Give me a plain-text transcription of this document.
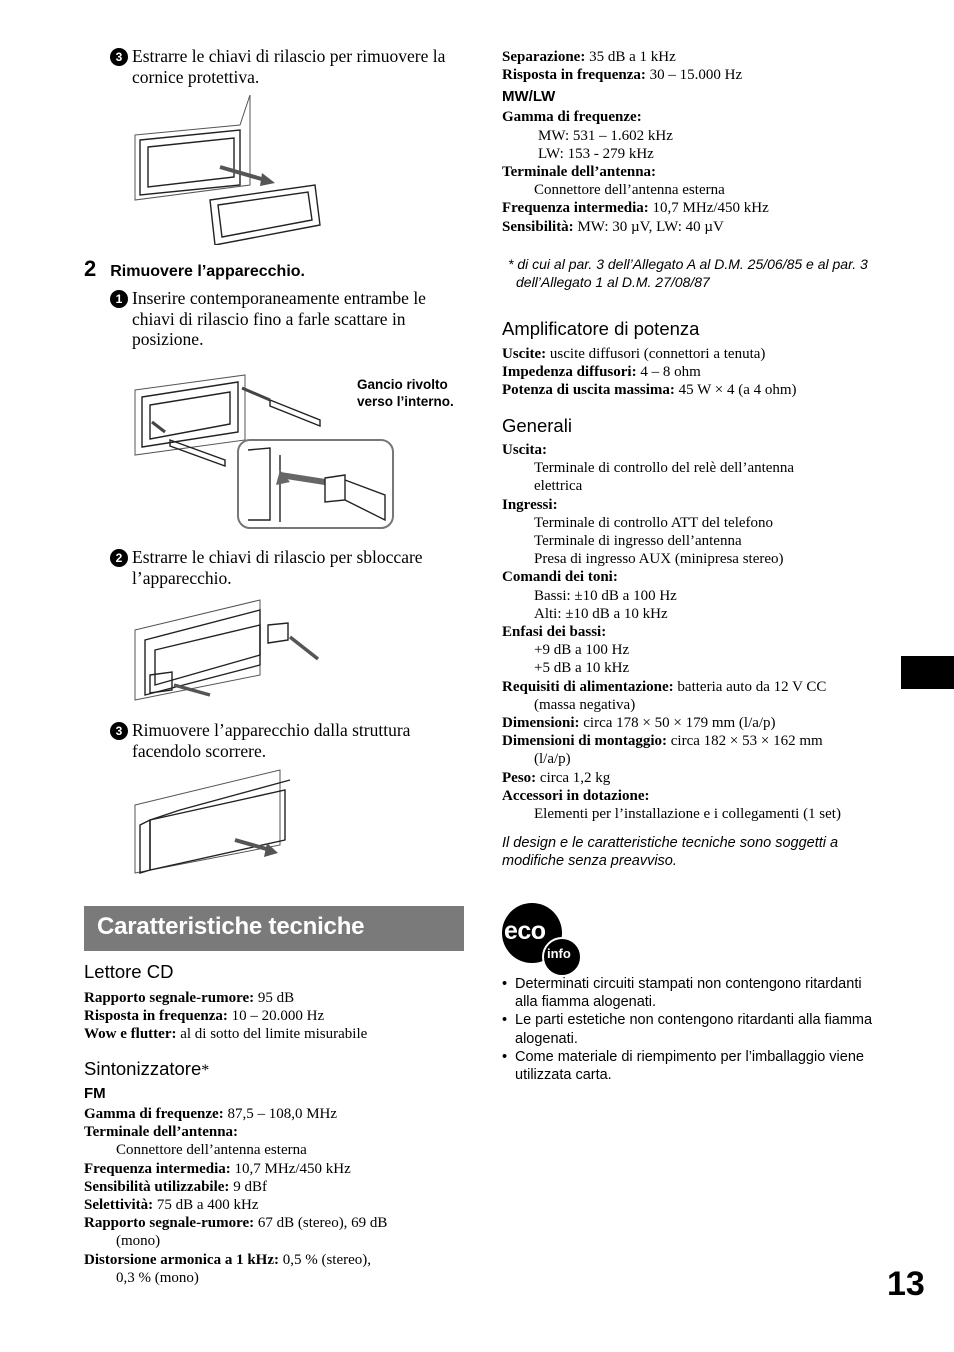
3 Estrarre le chiavi di rilascio per rimuovere la cornice protettiva.
2 Rimuovere l’apparecchio.
1 Inserire contemporaneamente entrambe le chiavi di rilascio fino a farle scattare in posizione.
Gancio rivolto verso l’interno.
2 Estrarre le chiavi di rilascio per sbloccare l’apparecchio.
3 Rimuovere l’apparecchio dalla struttura facendolo scorrere.
Caratteristiche tecniche
Lettore CD
Rapporto segnale-rumore: 95 dB
Risposta in frequenza: 10 – 20.000 Hz
Wow e flutter: al di sotto del limite misurabile
Sintonizzatore*
FM
Gamma di frequenze: 87,5 – 108,0 MHz
Terminale dell’antenna:
Connettore dell’antenna esterna
Frequenza intermedia: 10,7 MHz/450 kHz
Sensibilità utilizzabile: 9 dBf
Selettività: 75 dB a 400 kHz
Rapporto segnale-rumore: 67 dB (stereo), 69 dB
(mono)
Distorsione armonica a 1 kHz: 0,5 % (stereo),
0,3 % (mono)
Separazione: 35 dB a 1 kHz
Risposta in frequenza: 30 – 15.000 Hz
MW/LW
Gamma di frequenze:
MW: 531 – 1.602 kHz
LW: 153 - 279 kHz
Terminale dell’antenna:
Connettore dell’antenna esterna
Frequenza intermedia: 10,7 MHz/450 kHz
Sensibilità: MW: 30 µV, LW: 40 µV
* di cui al par. 3 dell’Allegato A al D.M. 25/06/85 e al par. 3 dell’Allegato 1 al D.M. 27/08/87
Amplificatore di potenza
Uscite: uscite diffusori (connettori a tenuta)
Impedenza diffusori: 4 – 8 ohm
Potenza di uscita massima: 45 W × 4 (a 4 ohm)
Generali
Uscita:
Terminale di controllo del relè dell’antenna
elettrica
Ingressi:
Terminale di controllo ATT del telefono
Terminale di ingresso dell’antenna
Presa di ingresso AUX (minipresa stereo)
Comandi dei toni:
Bassi: ±10 dB a 100 Hz
Alti: ±10 dB a 10 kHz
Enfasi dei bassi:
+9 dB a 100 Hz
+5 dB a 10 kHz
Requisiti di alimentazione: batteria auto da 12 V CC
(massa negativa)
Dimensioni: circa 178 × 50 × 179 mm (l/a/p)
Dimensioni di montaggio: circa 182 × 53 × 162 mm
(l/a/p)
Peso: circa 1,2 kg
Accessori in dotazione:
Elementi per l’installazione e i collegamenti (1 set)
Il design e le caratteristiche tecniche sono soggetti a modifiche senza preavviso.
eco
info
• Determinati circuiti stampati non contengono ritardanti alla fiamma alogenati.
• Le parti estetiche non contengono ritardanti alla fiamma alogenati.
• Come materiale di riempimento per l’imballaggio viene utilizzata carta.
13
